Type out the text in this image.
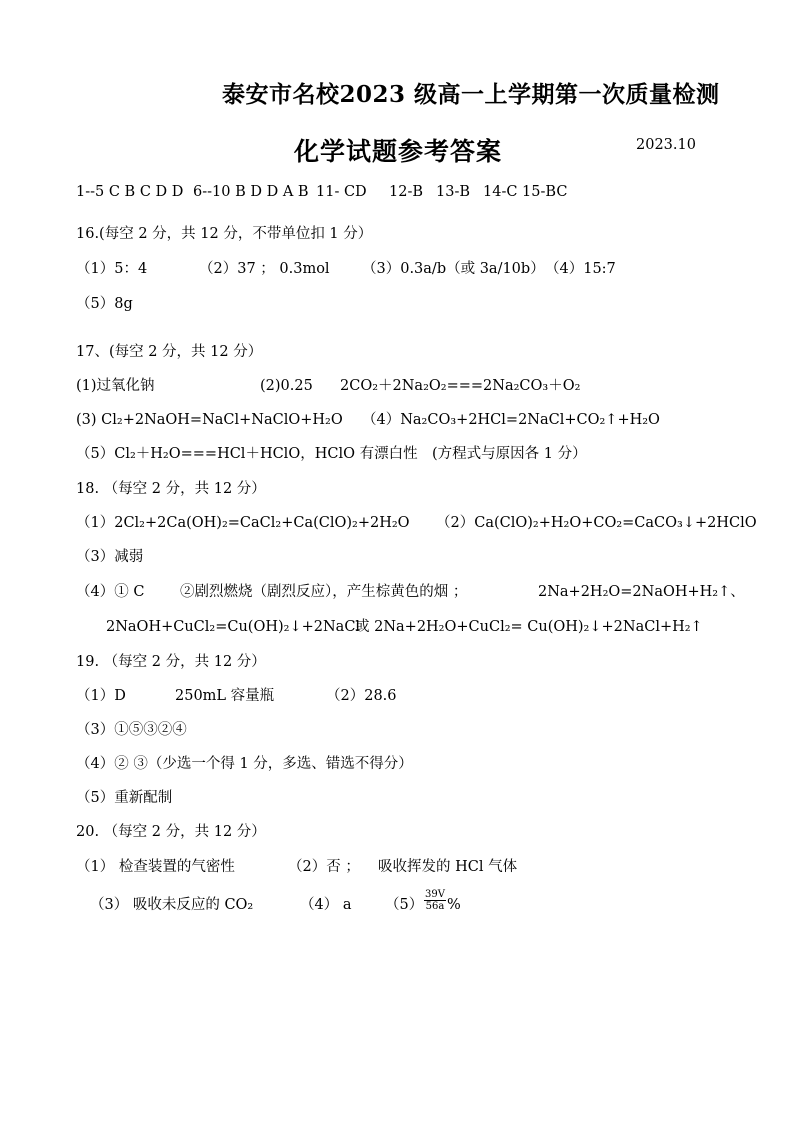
泰安市名校2023 级高一上学期第一次质量检测
化学试题参考答案	2023.10
1--5 C B C D D 6--10 B D D A B 11- CD 12-B 13-B 14-C 15-BC
16.(每空 2 分，共 12 分，不带单位扣 1 分）
（1）5：4	（2）37 ； 0.3mol （3）0.3a/b（或 3a/10b） （4）15:7
（5）8g
17、(每空 2 分，共 12 分）
(1)过氧化钠	(2)0.25 2CO₂＋2Na₂O₂===2Na₂CO₃＋O₂
(3) Cl₂+2NaOH=NaCl+NaClO+H₂O （4）Na₂CO₃+2HCl=2NaCl+CO₂↑+H₂O
（5）Cl₂＋H₂O===HCl＋HClO，HClO 有漂白性 (方程式与原因各 1 分）
18. （每空 2 分，共 12 分）
（1）2Cl₂+2Ca(OH)₂=CaCl₂+Ca(ClO)₂+2H₂O （2）Ca(ClO)₂+H₂O+CO₂=CaCO₃↓+2HClO
（3）减弱
（4）① C ②剧烈燃烧（剧烈反应），产生棕黄色的烟 ；	2Na+2H₂O=2NaOH+H₂↑、
2NaOH+CuCl₂=Cu(OH)₂↓+2NaCl
或 2Na+2H₂O+CuCl₂= Cu(OH)₂↓+2NaCl+H₂↑
19. （每空 2 分，共 12 分）
（1）D	250mL 容量瓶	（2）28.6
（3）①⑤③②④
（4）② ③（少选一个得 1 分，多选、错选不得分）
（5）重新配制
20. （每空 2 分，共 12 分）
（1） 检查装置的气密性	（2）否 ； 吸收挥发的 HCl 气体
（3） 吸收未反应的 CO₂	（4） a $(5) \frac{39V}{56a}$ %
